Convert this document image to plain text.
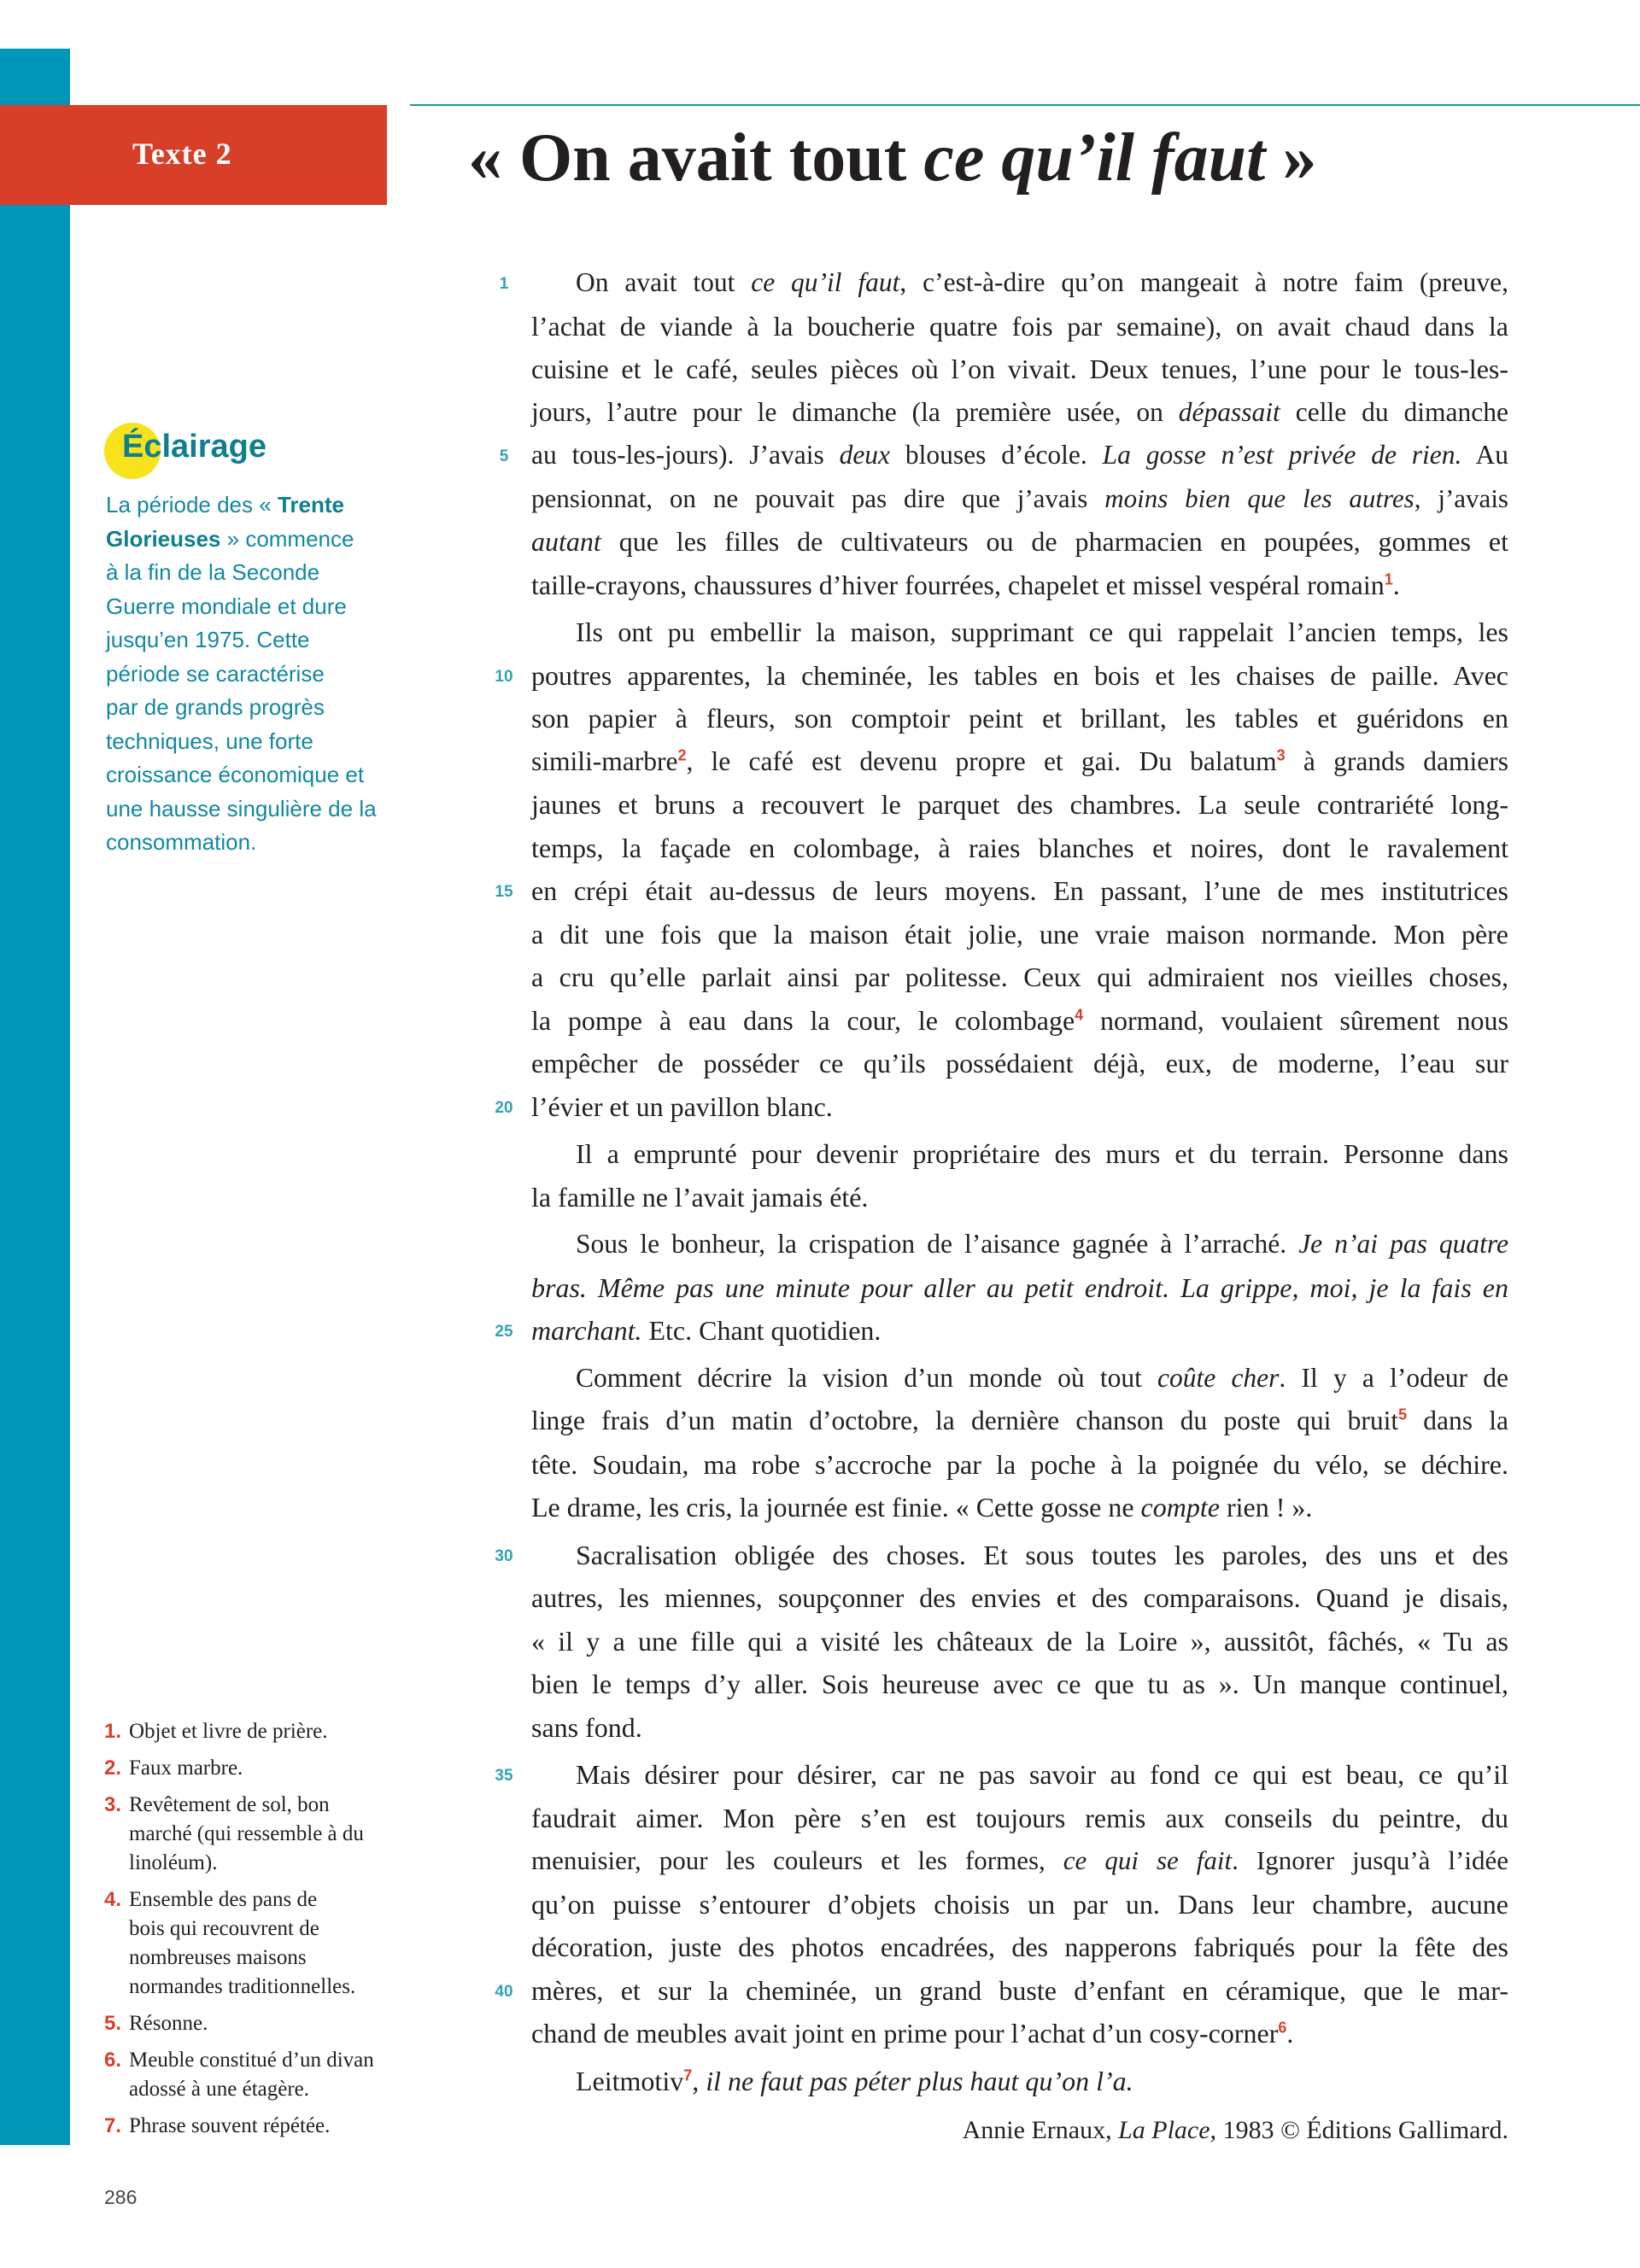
Texte 2	« On avait tout ce qu’il faut »
Éclairage
La période des « Trente
Glorieuses » commence
à la fin de la Seconde
Guerre mondiale et dure
jusqu’en 1975. Cette
période se caractérise
par de grands progrès
techniques, une forte
croissance économique et
une hausse singulière de la
consommation.
1	On avait tout ce qu’il faut, c’est-à-dire qu’on mangeait à notre faim (preuve,
l’achat de viande à la boucherie quatre fois par semaine), on avait chaud dans la
cuisine et le café, seules pièces où l’on vivait. Deux tenues, l’une pour le tous-les-
jours, l’autre pour le dimanche (la première usée, on dépassait celle du dimanche
5 au tous-les-jours). J’avais deux blouses d’école. La gosse n’est privée de rien. Au
pensionnat, on ne pouvait pas dire que j’avais moins bien que les autres, j’avais
autant que les filles de cultivateurs ou de pharmacien en poupées, gommes et
taille-crayons, chaussures d’hiver fourrées, chapelet et missel vespéral romain$^1$.
Ils ont pu embellir la maison, supprimant ce qui rappelait l’ancien temps, les
10 poutres apparentes, la cheminée, les tables en bois et les chaises de paille. Avec
son papier à fleurs, son comptoir peint et brillant, les tables et guéridons en
simili-marbre$^2$, le café est devenu propre et gai. Du balatum$^3$ à grands damiers
jaunes et bruns a recouvert le parquet des chambres. La seule contrariété long-
temps, la façade en colombage, à raies blanches et noires, dont le ravalement
15 en crépi était au-dessus de leurs moyens. En passant, l’une de mes institutrices
a dit une fois que la maison était jolie, une vraie maison normande. Mon père
a cru qu’elle parlait ainsi par politesse. Ceux qui admiraient nos vieilles choses,
la pompe à eau dans la cour, le colombage$^4$ normand, voulaient sûrement nous
empêcher de posséder ce qu’ils possédaient déjà, eux, de moderne, l’eau sur
20 l’évier et un pavillon blanc.
Il a emprunté pour devenir propriétaire des murs et du terrain. Personne dans
la famille ne l’avait jamais été.
Sous le bonheur, la crispation de l’aisance gagnée à l’arraché. Je n’ai pas quatre
bras. Même pas une minute pour aller au petit endroit. La grippe, moi, je la fais en
25 marchant. Etc. Chant quotidien.
Comment décrire la vision d’un monde où tout coûte cher. Il y a l’odeur de
linge frais d’un matin d’octobre, la dernière chanson du poste qui bruit$^5$ dans la
tête. Soudain, ma robe s’accroche par la poche à la poignée du vélo, se déchire.
Le drame, les cris, la journée est finie. « Cette gosse ne compte rien ! ».
30 Sacralisation obligée des choses. Et sous toutes les paroles, des uns et des
autres, les miennes, soupçonner des envies et des comparaisons. Quand je disais,
« il y a une fille qui a visité les châteaux de la Loire », aussitôt, fâchés, « Tu as
bien le temps d’y aller. Sois heureuse avec ce que tu as ». Un manque continuel,
sans fond.
35 Mais désirer pour désirer, car ne pas savoir au fond ce qui est beau, ce qu’il
faudrait aimer. Mon père s’en est toujours remis aux conseils du peintre, du
menuisier, pour les couleurs et les formes, ce qui se fait. Ignorer jusqu’à l’idée
qu’on puisse s’entourer d’objets choisis un par un. Dans leur chambre, aucune
décoration, juste des photos encadrées, des napperons fabriqués pour la fête des
40 mères, et sur la cheminée, un grand buste d’enfant en céramique, que le mar-
chand de meubles avait joint en prime pour l’achat d’un cosy-corner$^6$.
Leitmotiv$^7$, il ne faut pas péter plus haut qu’on l’a.
Annie Ernaux, La Place, 1983 © Éditions Gallimard.
1. Objet et livre de prière.
2. Faux marbre.
3. Revêtement de sol, bon
marché (qui ressemble à du
linoléum).
4. Ensemble des pans de
bois qui recouvrent de
nombreuses maisons
normandes traditionnelles.
5. Résonne.
6. Meuble constitué d’un divan
adossé à une étagère.
7. Phrase souvent répétée.
286
